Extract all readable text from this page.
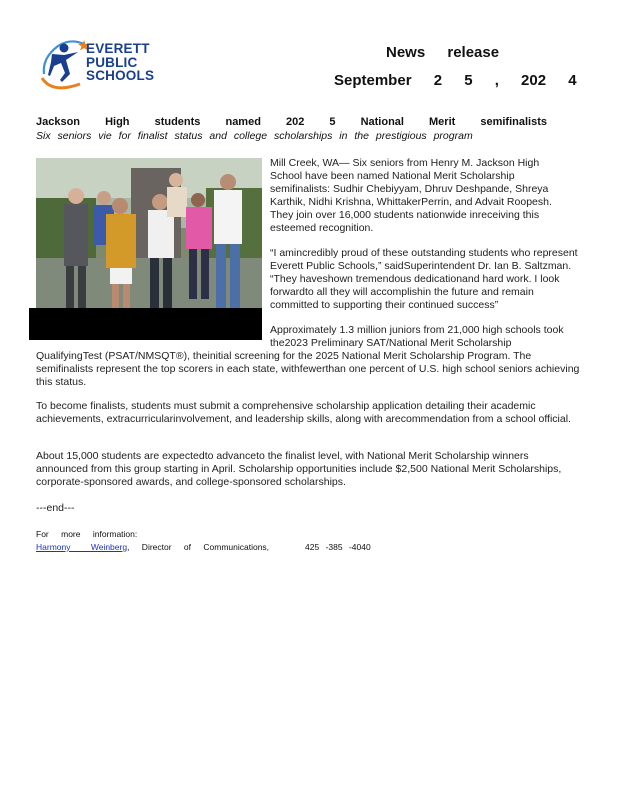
EVERETT
PUBLIC
SCHOOLS
News release
September 2 5 , 202 4
Jackson High students named 202 5 National Merit semifinalists
Six seniors vie for finalist status and college scholarships in the prestigious program
Mill Creek, WA— Six seniors from Henry M. Jackson High School have been named National Merit Scholarship semifinalists: Sudhir Chebiyyam, Dhruv Deshpande, Shreya Karthik, Nidhi Krishna, WhittakerPerrin, and Advait Roopesh. They join over 16,000 students nationwide inreceiving this esteemed recognition.
“I amincredibly proud of these outstanding students who represent Everett Public Schools,” saidSuperintendent Dr. Ian B. Saltzman. “They haveshown tremendous dedicationand hard work. I look forwardto all they will accomplishin the future and remain committed to supporting their continued success”
Approximately 1.3 million juniors from 21,000 high schools took the2023 Preliminary SAT/National Merit Scholarship
QualifyingTest (PSAT/NMSQT®), theinitial screening for the 2025 National Merit Scholarship Program. The semifinalists represent the top scorers in each state, withfewerthan one percent of U.S. high school seniors achieving this status.
To become finalists, students must submit a comprehensive scholarship application detailing their academic achievements, extracurricularinvolvement, and leadership skills, along with arecommendation from a school official.
About 15,000 students are expectedto advanceto the finalist level, with National Merit Scholarship winners announced from this group starting in April. Scholarship opportunities include $2,500 National Merit Scholarships, corporate-sponsored awards, and college-sponsored scholarships.
---end---
For more information:
Harmony Weinberg, Director of Communications,	425 -385 -4040
